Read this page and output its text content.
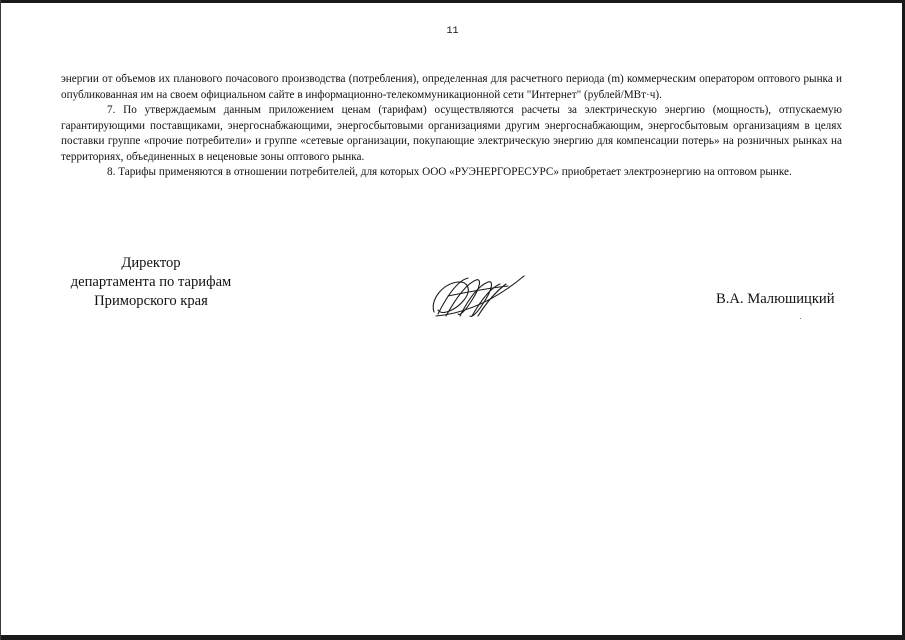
11

энергии от объемов их планового почасового производства (потребления), определенная для расчетного периода (m) коммерческим оператором оптового рынка и опубликованная им на своем официальном сайте в информационно-телекоммуникационной сети "Интернет" (рублей/МВт·ч).

7. По утверждаемым данным приложением ценам (тарифам) осуществляются расчеты за электрическую энергию (мощность), отпускаемую гарантирующими поставщиками, энергоснабжающими, энергосбытовыми организациями другим энергоснабжающим, энергосбытовым организациям в целях поставки группе «прочие потребители» и группе «сетевые организации, покупающие электрическую энергию для компенсации потерь» на розничных рынках на территориях, объединенных в неценовые зоны оптового рынка.

8. Тарифы применяются в отношении потребителей, для которых ООО «РУЭНЕРГОРЕСУРС» приобретает электроэнергию на оптовом рынке.

Директор
департамента по тарифам
Приморского края	В.А. Малюшицкий
